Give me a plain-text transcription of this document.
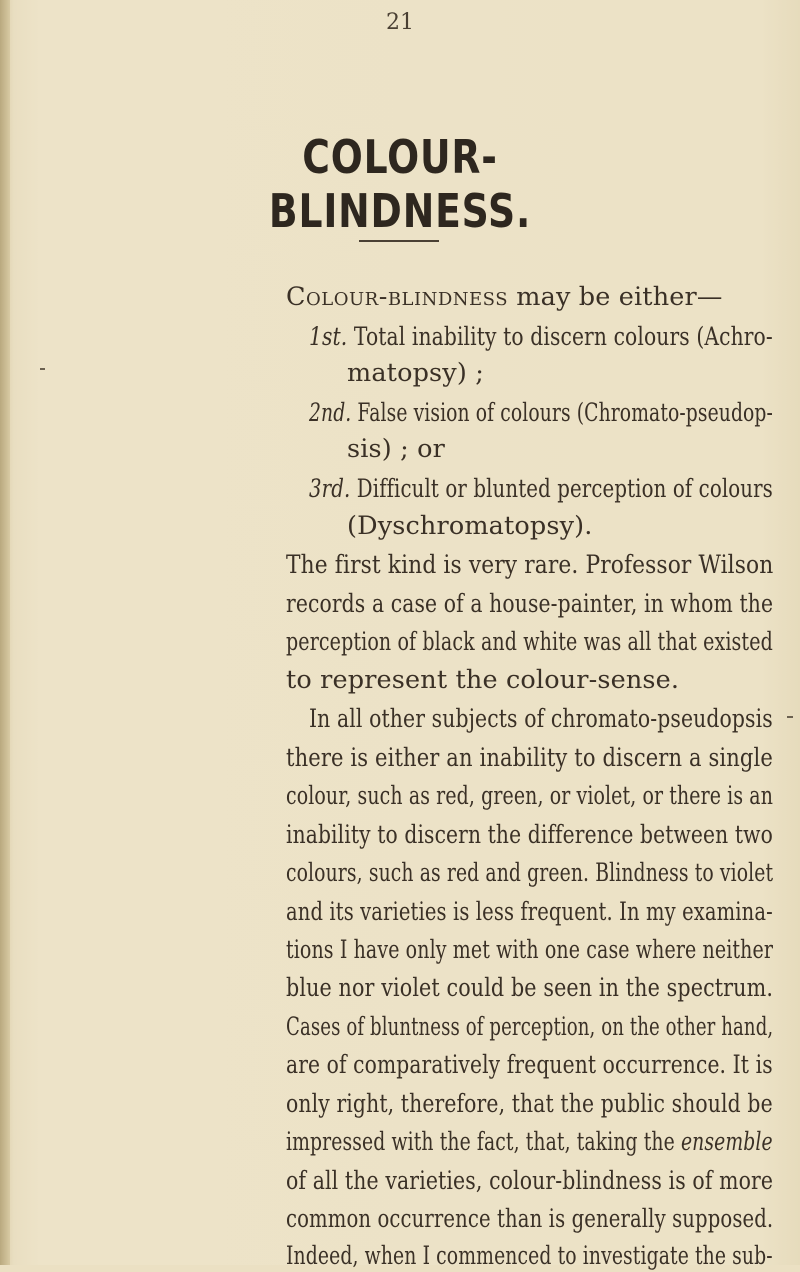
21
COLOUR-BLINDNESS.
Colour-blindness may be either—
1st. Total inability to discern colours (Achro-
matopsy) ;
2nd. False vision of colours (Chromato-pseudop-
sis) ; or
3rd. Difficult or blunted perception of colours
(Dyschromatopsy).
The first kind is very rare. Professor Wilson
records a case of a house-painter, in whom the
perception of black and white was all that existed
to represent the colour-sense.
In all other subjects of chromato-pseudopsis
there is either an inability to discern a single
colour, such as red, green, or violet, or there is an
inability to discern the difference between two
colours, such as red and green. Blindness to violet
and its varieties is less frequent. In my examina-
tions I have only met with one case where neither
blue nor violet could be seen in the spectrum.
Cases of bluntness of perception, on the other hand,
are of comparatively frequent occurrence. It is
only right, therefore, that the public should be
impressed with the fact, that, taking the ensemble
of all the varieties, colour-blindness is of more
common occurrence than is generally supposed.
Indeed, when I commenced to investigate the sub-
